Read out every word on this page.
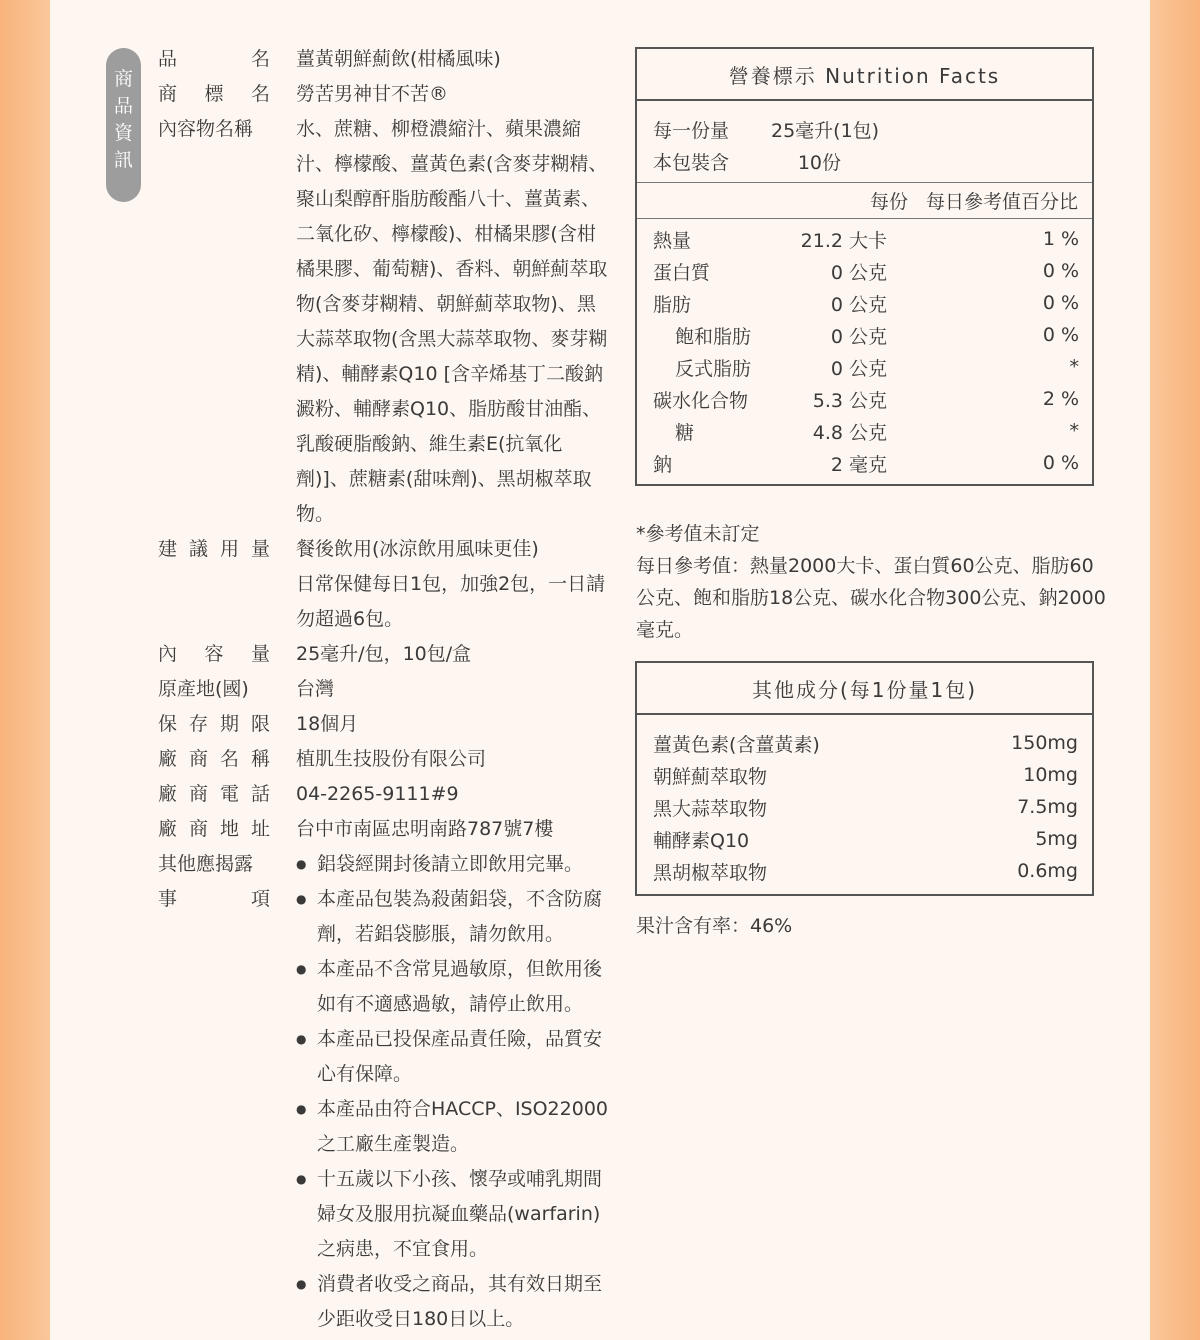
商
品
資
訊
品	名 薑黃朝鮮薊飲(柑橘風味)
商 標 名 勞苦男神甘不苦®
內容物名稱	水、蔗糖、柳橙濃縮汁、蘋果濃縮汁、檸檬酸、薑黃色素(含麥芽糊精、聚山梨醇酐脂肪酸酯八十、薑黃素、二氧化矽、檸檬酸)、柑橘果膠(含柑橘果膠、葡萄糖)、香料、朝鮮薊萃取物(含麥芽糊精、朝鮮薊萃取物)、黑大蒜萃取物(含黑大蒜萃取物、麥芽糊精)、輔酵素Q10 [含辛烯基丁二酸鈉澱粉、輔酵素Q10、脂肪酸甘油酯、乳酸硬脂酸鈉、維生素E(抗氧化劑)]、蔗糖素(甜味劑)、黑胡椒萃取物。
建 議 用 量 餐後飲用(冰涼飲用風味更佳)
日常保健每日1包，加強2包，一日請勿超過6包。
內 容 量 25毫升/包，10包/盒
原產地(國)	台灣
保 存 期 限 18個月
廠 商 名 稱 植肌生技股份有限公司
廠 商 電 話 04-2265-9111#9
廠 商 地 址 台中市南區忠明南路787號7樓
其他應揭露
事	項
● 鋁袋經開封後請立即飲用完畢。
● 本產品包裝為殺菌鋁袋，不含防腐劑，若鋁袋膨脹，請勿飲用。
● 本產品不含常見過敏原，但飲用後如有不適感過敏，請停止飲用。
● 本產品已投保產品責任險，品質安心有保障。
● 本產品由符合HACCP、ISO22000之工廠生產製造。
● 十五歲以下小孩、懷孕或哺乳期間婦女及服用抗凝血藥品(warfarin)之病患，不宜食用。
● 消費者收受之商品，其有效日期至少距收受日180日以上。
營養標示 Nutrition Facts
每一份量	25毫升(1包)
本包裝含	10份
每份 每日參考值百分比
熱量	21.2 大卡	1 %
蛋白質	0 公克	0 %
脂肪	0 公克	0 %
飽和脂肪	0 公克	0 %
反式脂肪	0 公克	*
碳水化合物	5.3 公克	2 %
糖	4.8 公克	*
鈉	2 毫克	0 %
*參考值未訂定
每日參考值：熱量2000大卡、蛋白質60公克、脂肪60公克、飽和脂肪18公克、碳水化合物300公克、鈉2000毫克。
其他成分(每1份量1包)
薑黃色素(含薑黃素)	150mg
朝鮮薊萃取物	10mg
黑大蒜萃取物	7.5mg
輔酵素Q10	5mg
黑胡椒萃取物	0.6mg
果汁含有率：46%
